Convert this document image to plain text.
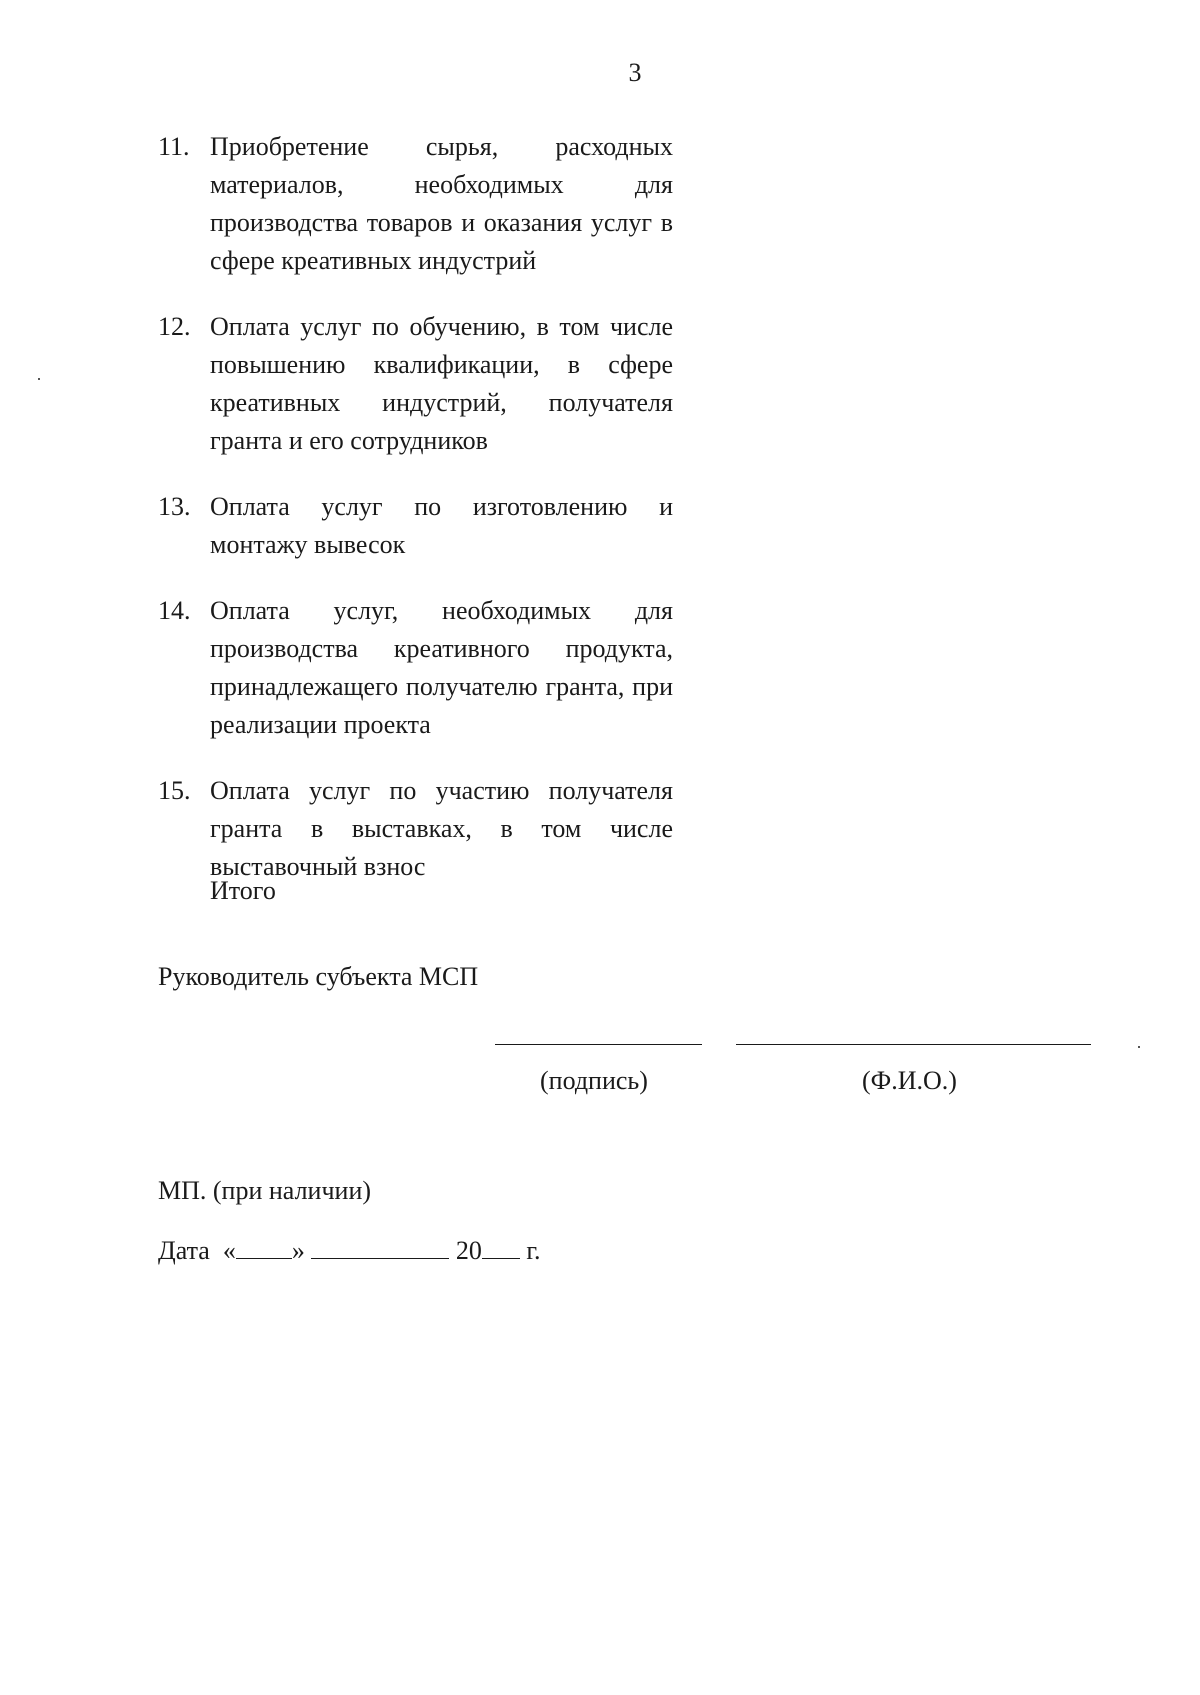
3
11. Приобретение сырья, расходных материалов, необходимых для производства товаров и оказания услуг в сфере креативных индустрий
12. Оплата услуг по обучению, в том числе повышению квалификации, в сфере креативных индустрий, получателя гранта и его сотрудников
13. Оплата услуг по изготовлению и монтажу вывесок
14. Оплата услуг, необходимых для производства креативного продукта, принадлежащего получателю гранта, при реализации проекта
15. Оплата услуг по участию получателя гранта в выставках, в том числе выставочный взнос
Итого
Руководитель субъекта МСП
(подпись)	(Ф.И.О.)
МП. (при наличии)
Дата « »	20 г.
